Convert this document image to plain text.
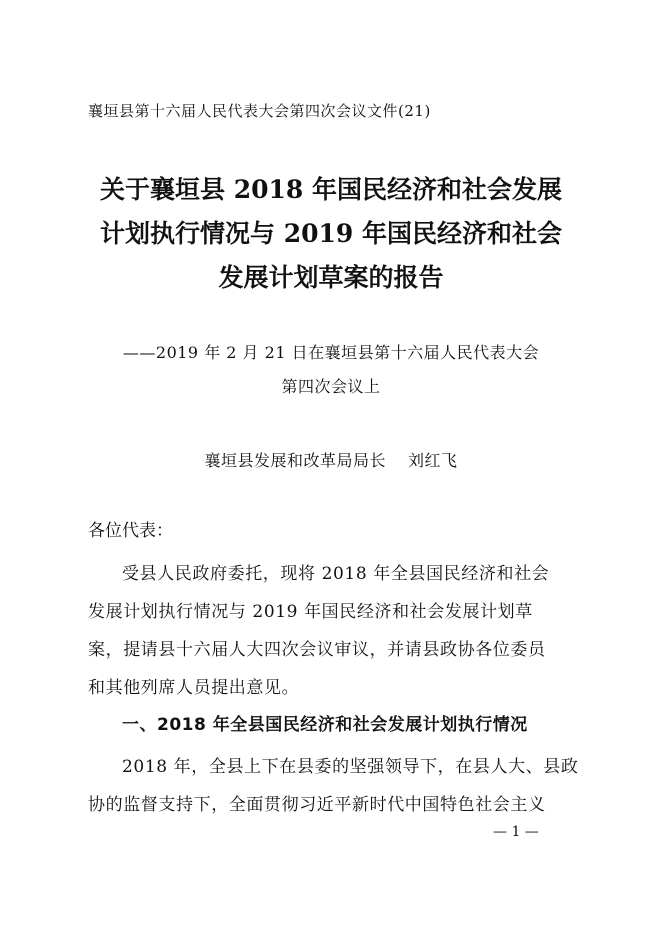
襄垣县第十六届人民代表大会第四次会议文件(21)
关于襄垣县 2018 年国民经济和社会发展
计划执行情况与 2019 年国民经济和社会
发展计划草案的报告
——2019 年 2 月 21 日在襄垣县第十六届人民代表大会
第四次会议上
襄垣县发展和改革局局长 刘红飞
各位代表：
受县人民政府委托，现将 2018 年全县国民经济和社会
发展计划执行情况与 2019 年国民经济和社会发展计划草
案，提请县十六届人大四次会议审议，并请县政协各位委员
和其他列席人员提出意见。
一、2018 年全县国民经济和社会发展计划执行情况
2018 年，全县上下在县委的坚强领导下，在县人大、县政
协的监督支持下，全面贯彻习近平新时代中国特色社会主义
— 1 —
